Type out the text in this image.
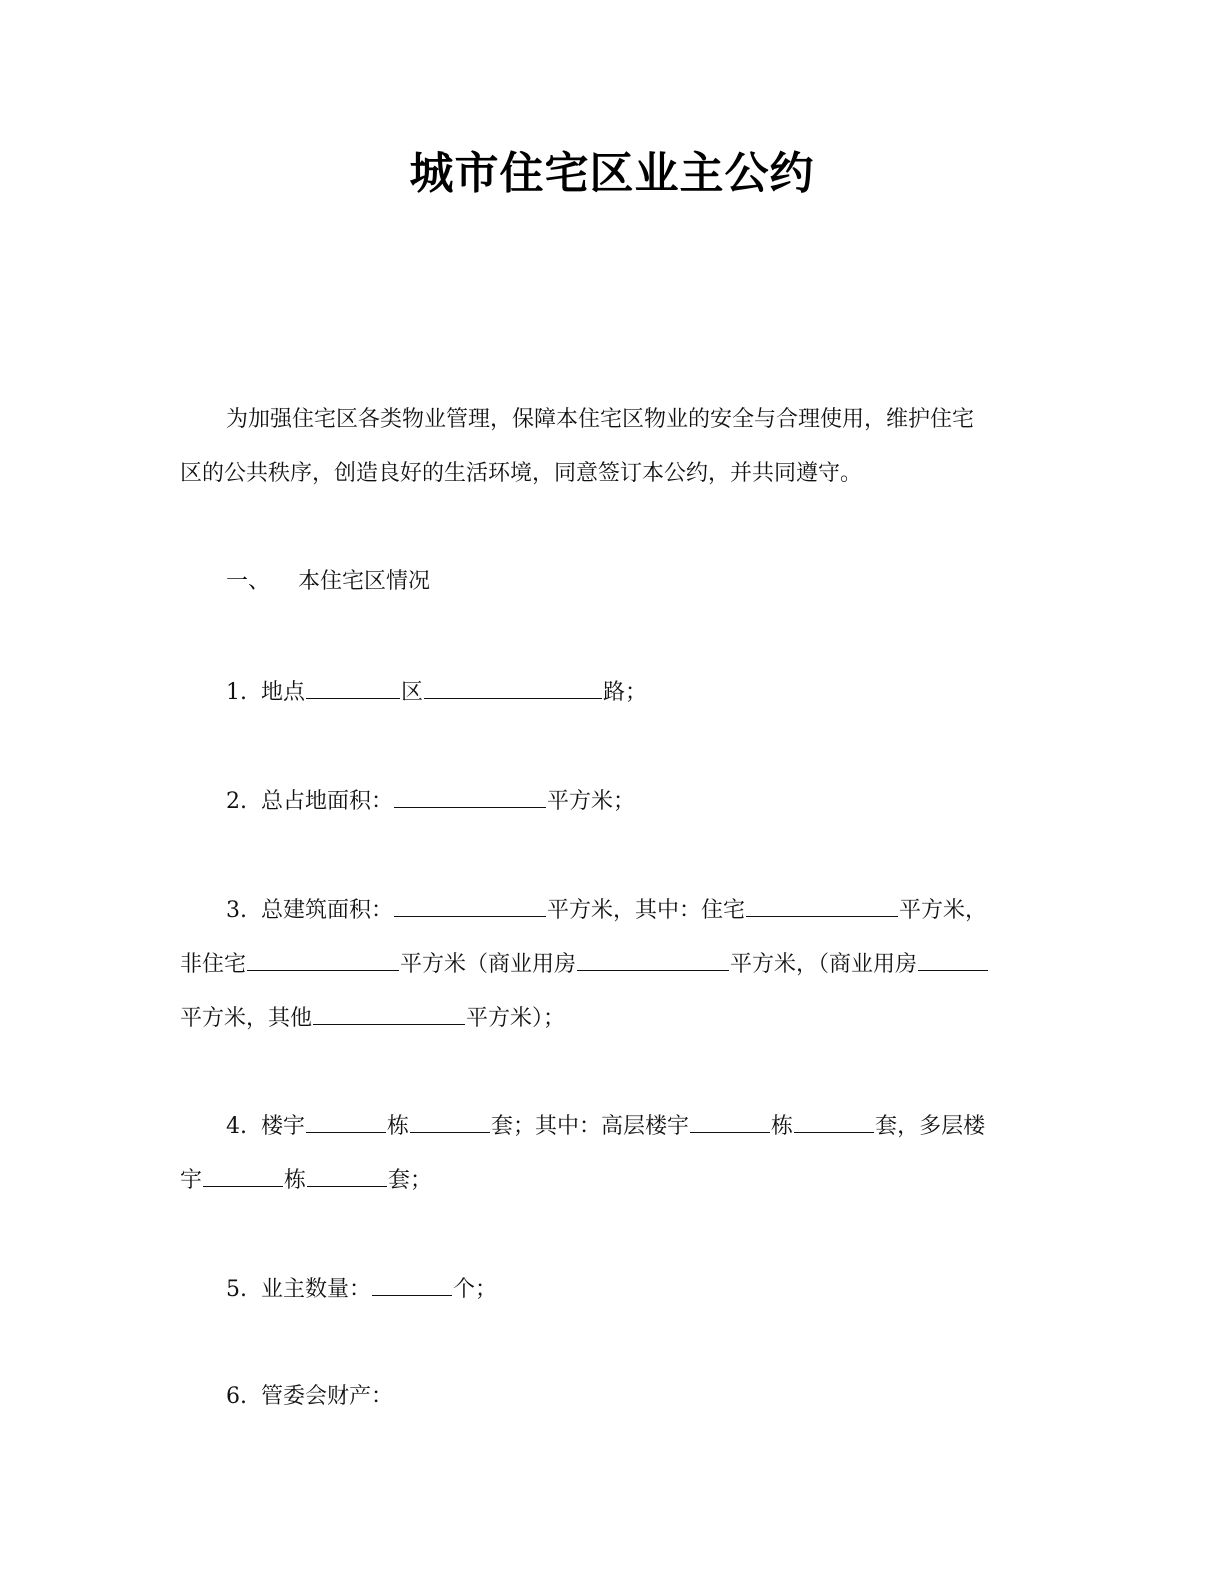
城市住宅区业主公约
为加强住宅区各类物业管理，保障本住宅区物业的安全与合理使用，维护住宅
区的公共秩序，创造良好的生活环境，同意签订本公约，并共同遵守。
一、 本住宅区情况
1. 地点	区	路；
2. 总占地面积：	平方米；
3. 总建筑面积：	平方米，其中：住宅	平方米，
非住宅	平方米（商业用房	平方米，（商业用房
平方米，其他	平方米）；
4. 楼宇	栋	套；其中：高层楼宇	栋	套，多层楼
宇	栋	套；
5. 业主数量：	个；
6. 管委会财产：
